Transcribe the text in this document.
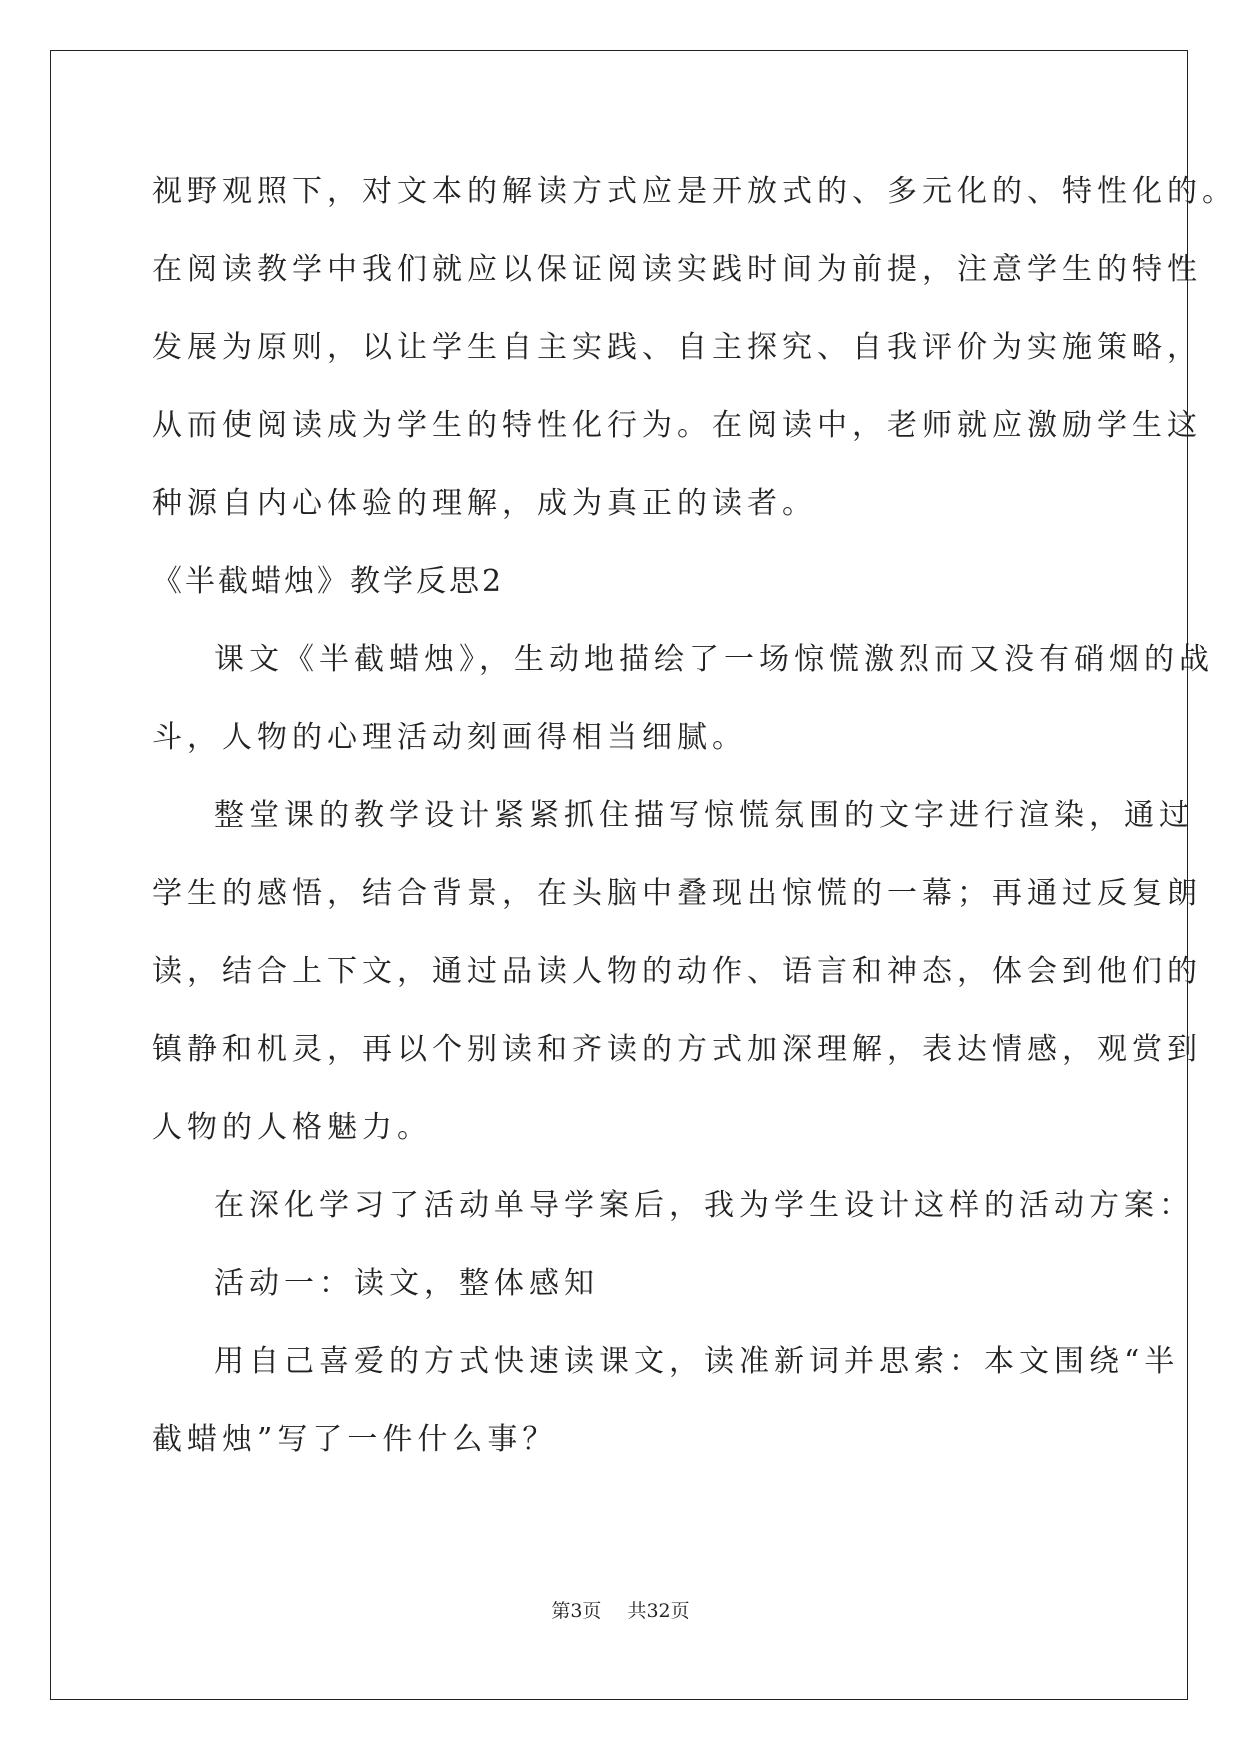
视野观照下，对文本的解读方式应是开放式的、多元化的、特性化的。

在阅读教学中我们就应以保证阅读实践时间为前提，注意学生的特性

发展为原则，以让学生自主实践、自主探究、自我评价为实施策略，

从而使阅读成为学生的特性化行为。在阅读中，老师就应激励学生这

种源自内心体验的理解，成为真正的读者。

《半截蜡烛》教学反思2

课文《半截蜡烛》，生动地描绘了一场惊慌激烈而又没有硝烟的战

斗，人物的心理活动刻画得相当细腻。

整堂课的教学设计紧紧抓住描写惊慌氛围的文字进行渲染，通过

学生的感悟，结合背景，在头脑中叠现出惊慌的一幕；再通过反复朗

读，结合上下文，通过品读人物的动作、语言和神态，体会到他们的

镇静和机灵，再以个别读和齐读的方式加深理解，表达情感，观赏到

人物的人格魅力。

在深化学习了活动单导学案后，我为学生设计这样的活动方案：

活动一：读文，整体感知

用自己喜爱的方式快速读课文，读准新词并思索：本文围绕“半

截蜡烛”写了一件什么事？

第3页 共32页
